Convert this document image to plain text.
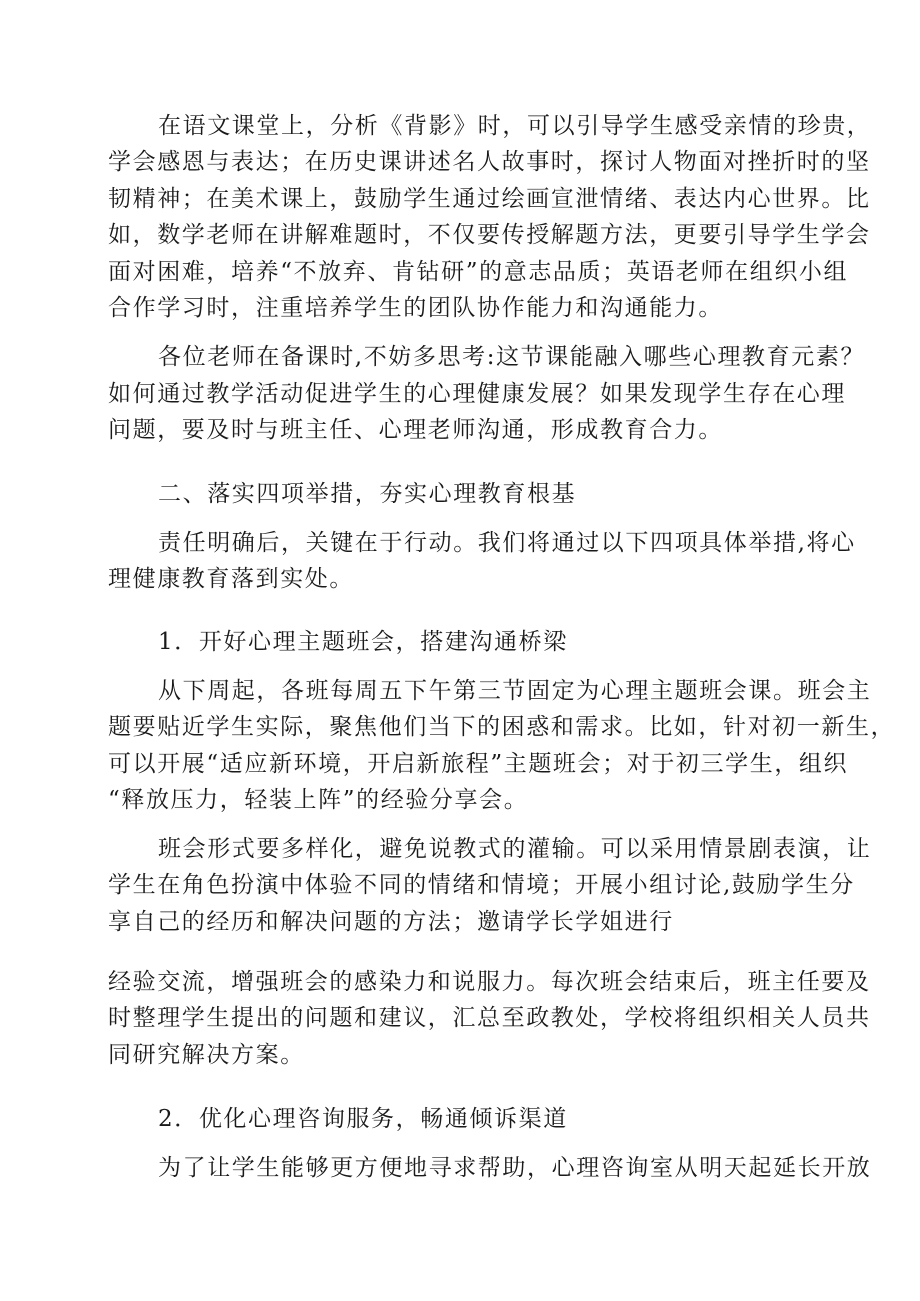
在语文课堂上，分析《背影》时，可以引导学生感受亲情的珍贵，

学会感恩与表达；在历史课讲述名人故事时，探讨人物面对挫折时的坚

韧精神；在美术课上，鼓励学生通过绘画宣泄情绪、表达内心世界。比

如，数学老师在讲解难题时，不仅要传授解题方法，更要引导学生学会

面对困难，培养“不放弃、肯钻研”的意志品质；英语老师在组织小组

合作学习时，注重培养学生的团队协作能力和沟通能力。

各位老师在备课时,不妨多思考:这节课能融入哪些心理教育元素？

如何通过教学活动促进学生的心理健康发展？如果发现学生存在心理

问题，要及时与班主任、心理老师沟通，形成教育合力。

二、落实四项举措，夯实心理教育根基

责任明确后，关键在于行动。我们将通过以下四项具体举措,将心

理健康教育落到实处。

1．开好心理主题班会，搭建沟通桥梁

从下周起，各班每周五下午第三节固定为心理主题班会课。班会主

题要贴近学生实际，聚焦他们当下的困惑和需求。比如，针对初一新生，

可以开展“适应新环境，开启新旅程”主题班会；对于初三学生，组织

“释放压力，轻装上阵”的经验分享会。

班会形式要多样化，避免说教式的灌输。可以采用情景剧表演，让

学生在角色扮演中体验不同的情绪和情境；开展小组讨论,鼓励学生分

享自己的经历和解决问题的方法；邀请学长学姐进行

经验交流，增强班会的感染力和说服力。每次班会结束后，班主任要及

时整理学生提出的问题和建议，汇总至政教处，学校将组织相关人员共

同研究解决方案。

2．优化心理咨询服务，畅通倾诉渠道

为了让学生能够更方便地寻求帮助，心理咨询室从明天起延长开放
